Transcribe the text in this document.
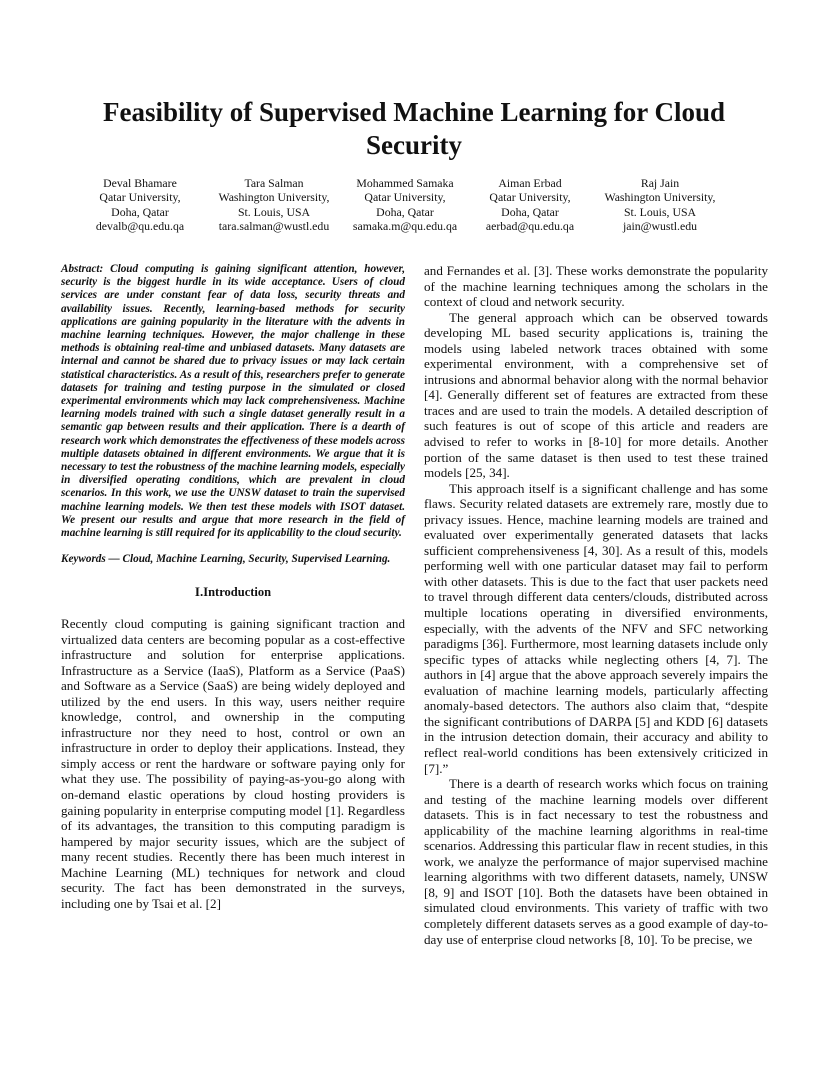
Feasibility of Supervised Machine Learning for Cloud Security
Deval Bhamare
Qatar University,
Doha, Qatar
devalb@qu.edu.qa
Tara Salman
Washington University,
St. Louis, USA
tara.salman@wustl.edu
Mohammed Samaka
Qatar University,
Doha, Qatar
samaka.m@qu.edu.qa
Aiman Erbad
Qatar University,
Doha, Qatar
aerbad@qu.edu.qa
Raj Jain
Washington University,
St. Louis, USA
jain@wustl.edu

Abstract: Cloud computing is gaining significant attention, however, security is the biggest hurdle in its wide acceptance. Users of cloud services are under constant fear of data loss, security threats and availability issues. Recently, learning-based methods for security applications are gaining popularity in the literature with the advents in machine learning techniques. However, the major challenge in these methods is obtaining real-time and unbiased datasets. Many datasets are internal and cannot be shared due to privacy issues or may lack certain statistical characteristics. As a result of this, researchers prefer to generate datasets for training and testing purpose in the simulated or closed experimental environments which may lack comprehensiveness. Machine learning models trained with such a single dataset generally result in a semantic gap between results and their application. There is a dearth of research work which demonstrates the effectiveness of these models across multiple datasets obtained in different environments. We argue that it is necessary to test the robustness of the machine learning models, especially in diversified operating conditions, which are prevalent in cloud scenarios. In this work, we use the UNSW dataset to train the supervised machine learning models. We then test these models with ISOT dataset. We present our results and argue that more research in the field of machine learning is still required for its applicability to the cloud security.

Keywords — Cloud, Machine Learning, Security, Supervised Learning.

I.Introduction

Recently cloud computing is gaining significant traction and virtualized data centers are becoming popular as a cost-effective infrastructure and solution for enterprise applications. Infrastructure as a Service (IaaS), Platform as a Service (PaaS) and Software as a Service (SaaS) are being widely deployed and utilized by the end users. In this way, users neither require knowledge, control, and ownership in the computing infrastructure nor they need to host, control or own an infrastructure in order to deploy their applications. Instead, they simply access or rent the hardware or software paying only for what they use. The possibility of paying-as-you-go along with on-demand elastic operations by cloud hosting providers is gaining popularity in enterprise computing model [1]. Regardless of its advantages, the transition to this computing paradigm is hampered by major security issues, which are the subject of many recent studies. Recently there has been much interest in Machine Learning (ML) techniques for network and cloud security. The fact has been demonstrated in the surveys, including one by Tsai et al. [2]

and Fernandes et al. [3]. These works demonstrate the popularity of the machine learning techniques among the scholars in the context of cloud and network security.

The general approach which can be observed towards developing ML based security applications is, training the models using labeled network traces obtained with some experimental environment, with a comprehensive set of intrusions and abnormal behavior along with the normal behavior [4]. Generally different set of features are extracted from these traces and are used to train the models. A detailed description of such features is out of scope of this article and readers are advised to refer to works in [8-10] for more details. Another portion of the same dataset is then used to test these trained models [25, 34].

This approach itself is a significant challenge and has some flaws. Security related datasets are extremely rare, mostly due to privacy issues. Hence, machine learning models are trained and evaluated over experimentally generated datasets that lacks sufficient comprehensiveness [4, 30]. As a result of this, models performing well with one particular dataset may fail to perform with other datasets. This is due to the fact that user packets need to travel through different data centers/clouds, distributed across multiple locations operating in diversified environments, especially, with the advents of the NFV and SFC networking paradigms [36]. Furthermore, most learning datasets include only specific types of attacks while neglecting others [4, 7]. The authors in [4] argue that the above approach severely impairs the evaluation of machine learning models, particularly affecting anomaly-based detectors. The authors also claim that, “despite the significant contributions of DARPA [5] and KDD [6] datasets in the intrusion detection domain, their accuracy and ability to reflect real-world conditions has been extensively criticized in [7].”

There is a dearth of research works which focus on training and testing of the machine learning models over different datasets. This is in fact necessary to test the robustness and applicability of the machine learning algorithms in real-time scenarios. Addressing this particular flaw in recent studies, in this work, we analyze the performance of major supervised machine learning algorithms with two different datasets, namely, UNSW [8, 9] and ISOT [10]. Both the datasets have been obtained in simulated cloud environments. This variety of traffic with two completely different datasets serves as a good example of day-to-day use of enterprise cloud networks [8, 10]. To be precise, we
